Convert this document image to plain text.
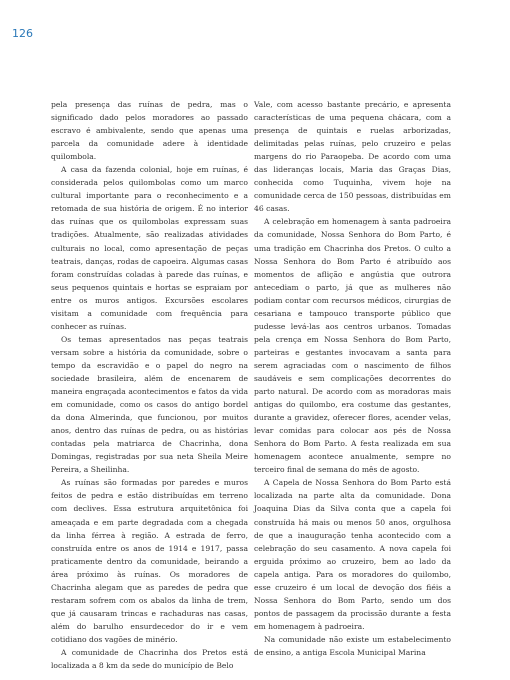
126

pela presença das ruínas de pedra, mas o significado dado pelos moradores ao passado escravo é ambivalente, sendo que apenas uma parcela da comunidade adere à identidade quilombola.

A casa da fazenda colonial, hoje em ruínas, é considerada pelos quilombolas como um marco cultural importante para o reconhecimento e a retomada de sua história de origem. É no interior das ruínas que os quilombolas expressam suas tradições. Atualmente, são realizadas atividades culturais no local, como apresentação de peças teatrais, danças, rodas de capoeira. Algumas casas foram construídas coladas à parede das ruínas, e seus pequenos quintais e hortas se espraiam por entre os muros antigos. Excursões escolares visitam a comunidade com frequência para conhecer as ruínas.

Os temas apresentados nas peças teatrais versam sobre a história da comunidade, sobre o tempo da escravidão e o papel do negro na sociedade brasileira, além de encenarem de maneira engraçada acontecimentos e fatos da vida em comunidade, como os casos do antigo bordel da dona Almerinda, que funcionou, por muitos anos, dentro das ruínas de pedra, ou as histórias contadas pela matriarca de Chacrinha, dona Domingas, registradas por sua neta Sheila Meire Pereira, a Sheilinha.

As ruínas são formadas por paredes e muros feitos de pedra e estão distribuídas em terreno com declives. Essa estrutura arquitetônica foi ameaçada e em parte degradada com a chegada da linha férrea à região. A estrada de ferro, construída entre os anos de 1914 e 1917, passa praticamente dentro da comunidade, beirando a área próximo às ruínas. Os moradores de Chacrinha alegam que as paredes de pedra que restaram sofrem com os abalos da linha de trem, que já causaram trincas e rachaduras nas casas, além do barulho ensurdecedor do ir e vem cotidiano dos vagões de minério.

A comunidade de Chacrinha dos Pretos está localizada a 8 km da sede do município de Belo

Vale, com acesso bastante precário, e apresenta características de uma pequena chácara, com a presença de quintais e ruelas arborizadas, delimitadas pelas ruínas, pelo cruzeiro e pelas margens do rio Paraopeba. De acordo com uma das lideranças locais, Maria das Graças Dias, conhecida como Tuquinha, vivem hoje na comunidade cerca de 150 pessoas, distribuídas em 46 casas.

A celebração em homenagem à santa padroeira da comunidade, Nossa Senhora do Bom Parto, é uma tradição em Chacrinha dos Pretos. O culto a Nossa Senhora do Bom Parto é atribuído aos momentos de aflição e angústia que outrora antecediam o parto, já que as mulheres não podiam contar com recursos médicos, cirurgias de cesariana e tampouco transporte público que pudesse levá-las aos centros urbanos. Tomadas pela crença em Nossa Senhora do Bom Parto, parteiras e gestantes invocavam a santa para serem agraciadas com o nascimento de filhos saudáveis e sem complicações decorrentes do parto natural. De acordo com as moradoras mais antigas do quilombo, era costume das gestantes, durante a gravidez, oferecer flores, acender velas, levar comidas para colocar aos pés de Nossa Senhora do Bom Parto. A festa realizada em sua homenagem acontece anualmente, sempre no terceiro final de semana do mês de agosto.

A Capela de Nossa Senhora do Bom Parto está localizada na parte alta da comunidade. Dona Joaquina Dias da Silva conta que a capela foi construída há mais ou menos 50 anos, orgulhosa de que a inauguração tenha acontecido com a celebração do seu casamento. A nova capela foi erguida próximo ao cruzeiro, bem ao lado da capela antiga. Para os moradores do quilombo, esse cruzeiro é um local de devoção dos fiéis a Nossa Senhora do Bom Parto, sendo um dos pontos de passagem da procissão durante a festa em homenagem à padroeira.

Na comunidade não existe um estabelecimento de ensino, a antiga Escola Municipal Marina
